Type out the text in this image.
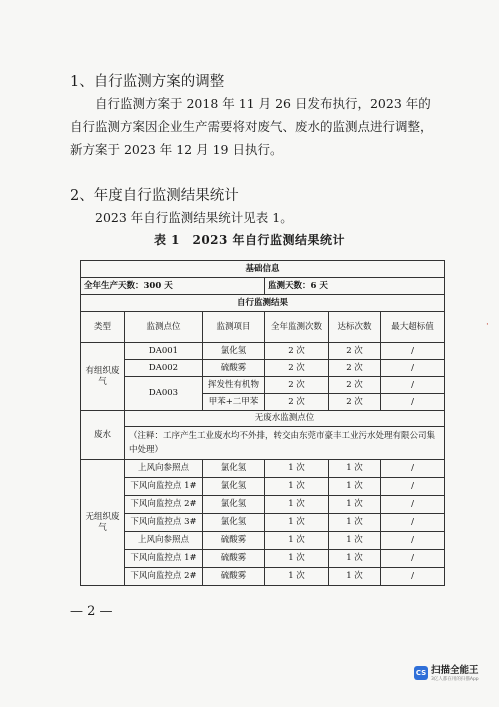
1、自行监测方案的调整
自行监测方案于 2018 年 11 月 26 日发布执行，2023 年的自行监测方案因企业生产需要将对废气、废水的监测点进行调整，新方案于 2023 年 12 月 19 日执行。
2、年度自行监测结果统计
2023 年自行监测结果统计见表 1。
表 1　2023 年自行监测结果统计
基础信息					
全年生产天数：300 天			监测天数：6 天		
自行监测结果					
类型	监测点位	监测项目	全年监测次数	达标次数	最大超标值
有组织废气	DA001	氯化氢	2 次	2 次	/
	DA002	硫酸雾	2 次	2 次	/
	DA003	挥发性有机物	2 次	2 次	/
		甲苯+二甲苯	2 次	2 次	/
废水	无废水监测点位				
	（注释：工序产生工业废水均不外排，转交由东莞市豪丰工业污水处理有限公司集中处理）				
无组织废气	上风向参照点	氯化氢	1 次	1 次	/
	下风向监控点 1#	氯化氢	1 次	1 次	/
	下风向监控点 2#	氯化氢	1 次	1 次	/
	下风向监控点 3#	氯化氢	1 次	1 次	/
	上风向参照点	硫酸雾	1 次	1 次	/
	下风向监控点 1#	硫酸雾	1 次	1 次	/
	下风向监控点 2#	硫酸雾	1 次	1 次	/
·
— 2 —
CS 扫描全能王
3亿人都在用的扫描App
